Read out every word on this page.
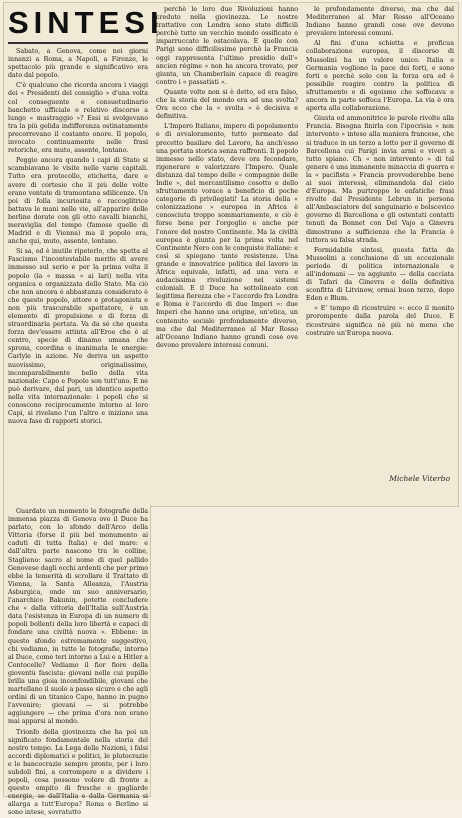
SINTESI

Sabato, a Genova, come nei giorni innanzi a Roma, a Napoli, a Firenze, le spettacolo più grande e significativo era dato dal popolo.

C'è qualcuno che ricorda ancora i viaggi dei « Presidenti del consiglio » d'una volta col conseguente e consuetudinario banchetto ufficiale e relativo discorso a lungo « mastraggio »? Essi si svolgevano tra la più gelida indifferenza ostinatamente precorrevano il costanto onore. Il popolo, invocato continuamente nelle frasi retoriche, era muto, assente, lontano.

Peggio ancora quando i capi di Stato si scambiavano le visite nelle varie capitali. Tutto era protocollo, etichetta, dare e avere di cortesie che il più delle volte erano ventate di tramontana sdilicenze. Un poi di folla incuriosita e raccoglitrice battava le mani nelle vie, all'apparire delle berline dorate con gli otto cavalli bianchi, meraviglia del tempo (famose quelle di Madrid e di Vienna) ma il popolo era, anche qui, muto, assente, lontano.

Si sa, ed è inutile ripeterlo, che spetta al Fascismo l'incontestabile merito di avere immesso sul serio e per la prima volta il popolo (la « massa » ai lari) nella vita organica e organizzata dello Stato. Ma ciò che non ancora è abbastanza considerato è che questo popolo, attore e protagonista e non più trascurabile spettatore, è un elemento di propulsione e di forza di straordinaria portata. Va da sé che questa forza dev'essere attinta all'Eroe che è al centro, specie di dinamo umana che sprona, coordina e inanimata le energie: Carlyle in azione. Ne deriva un aspetto nuovissimo, originalissimo, incomparabilmente bello della vita nazionale: Capo e Popolo son tutt'uno. E ne può derivare, dal pari, un identico aspetto nella vita internazionale: i popoli che si conoscono reciprocamente intorno ai loro Capi, si rivelano l'un l'altro e iniziano una nuova fase di rapporti storici.

perchè le loro due Rivoluzioni hanno creduto nella giovinezza. Le nostre trattative con Londra sono state difficili perchè tutto un vecchio mondo ossificato e imparruccato le ostacolava. E quelle con Parigi sono difficilissime perchè la Francia oggi rappresenta l'ultimo presidio dell'« ancien régime » non ha ancora trovato, per giunta, un Chamberlain capace di reagire contro i « passatisti ».

Quante volte non si è detto, ed era falso, che la storia del mondo era ad una svolta? Ora ecco che la « svolta » è decisiva e definitiva.

L'Impero Italiano, impero di popolamento e di avvaloramento, tutto permeato dal precetto basilare del Lavoro, ha anch'esso una portata storica senza raffronti. Il popolo immesso nello stato, deve ora fecondare, rigenerare e valorizzare l'Impero. Quale distanza dal tempo delle « compagnie delle Indie », del mercantilismo cosotto e dello sfruttamento vorace a beneficio di poche categorie di privilegiati! La storia della « colonizzazione » europea in Africa è conosciuta troppo sommariamente, e ciò è forse bene per l'orgoglio e anche per l'onore del nostro Continente. Ma la civiltà europea è giunta per la prima volta nel Continente Nero con le conquiste italiane: e così si spiegano tante resistenze. Una grande e innovatrice politica del lavoro in Africa equivale, infatti, ad una vera e audacissima rivoluzione nei sistemi coloniali. E il Duce ha sottolineato con legittima fierezza che « l'accordo fra Londra e Roma è l'accordo di due Imperi »: due Imperi che hanno una origine, un'etica, un contenuto sociale profondamente diverso, ma che dal Mediterraneo al Mar Rosso all'Oceano Indiano hanno grandi cose ove devono prevalere interessi comuni.

le profondamente diverso, ma che dal Mediterraneo al Mar Rosso all'Oceano Indiano hanno grandi cose ove devono prevalere interessi comuni.

Al fini d'una schietta e proficua collaborazione europea, il discorso di Mussolini ha un valore unico. Italia e Germania vogliono la pace dei forti, e sono forti e perchè solo con la forza era ed è possibile reagire contro la politica di sfruttamento e di egoismo che soffocava e ancora in parte soffoca l'Europa. La via è ora aperta alla collaborazione.

Giusta ed ammonitrice le parole rivolte alla Francia. Bisogna finirla con l'ipocrisia « non intervento » inteso alla maniera francese, che si traduce in un terzo a lotto per il governo di Barcellona cui Parigi invia armi e viveri a tutto spiano. Ch « non intervento » di tal genere è una immanente minaccia di guerra e la « pacifista » Francia provvederebbe bene ai suoi interessi, eliminandola dal cielo d'Europa. Ma purtroppo le enfatiche frasi rivolte dal Presidente Lebrun in persona all'Ambasciatore del sanguinario e bolscevico governo di Barcellona e gli ostentati contatti tenuti da Bonnet con Del Vajo a Ginevra dimostrano a sufficienza che la Francia è tuttora su falsa strada.

Formidabile sintesi, questa fatta da Mussolini a conclusione di un eccezionale periodo di politica internazionale e all'indomani — va aggiunto — della cacciata di Tafari da Ginevra e della definitiva sconfitta di Litvinow, ormai buon terzo, dopo Eden e Blum.

« E' tempo di ricostruire »: ecco il monito prorompente dalla parola del Duce. E ricostruire significa nè più nè meno che costruire un'Europa nuova.

Michele Viterbo

Guardate un momento le fotografie della immensa piazza di Genova ove il Duce ha parlato, con lo sfondo dell'Arco della Vittoria (forse il più bel monumento ai caduti di tutta Italia) e del mare: e dall'altra parte nascono tra le colline, Staglieno: sacro al nome di quel pallido Genovese dagli occhi ardenti che per primo ebbe la temerità di scrollare il Trattato di Vienna, la Santa Alleanza, l'Austria Asburgica, onde un suo anniversario, l'anarchico Bakunin, potette concludere che « dalla vittoria dell'Italia sull'Austria data l'esistenza in Europa di un numero di popoli bollenti della loro libertà e capaci di fondare una civiltà nuova ». Ebbene: in questo sfondo estremamente suggestivo, chi vediamo, in tutte le fotografie, intorno al Duce, come teri intorno a Lui e a Hitler a Centocelle? Vediamo il fior fiore della gioventù fascista: giovani nelle cui pupille brilla una gioia inconfondibile, giovani che martellano il suolo a passo sicuro e che agli ordini di un titanico Capo, hanno in pugno l'avvenire; giovani — si potrebbe aggiungere — che prima d'ora non erano mai apparsi al mondo.

Trionfo della giovinezza che ha poi un significato fondamentale nella storia del nostro tempo. La Lega delle Nazioni, i falsi accordi diplomatici e politici, le plutocrazie e le bancocrazie sempre pronte, per i loro subdoli fini, a corrompere e a dividere i popoli, cosa possono volere di fronte a questo empito di fresche e gagliarde energie, se dall'Italia e dalla Germania si allarga a tutt'Europa? Roma e Berlino si sono intese, sovratutto
